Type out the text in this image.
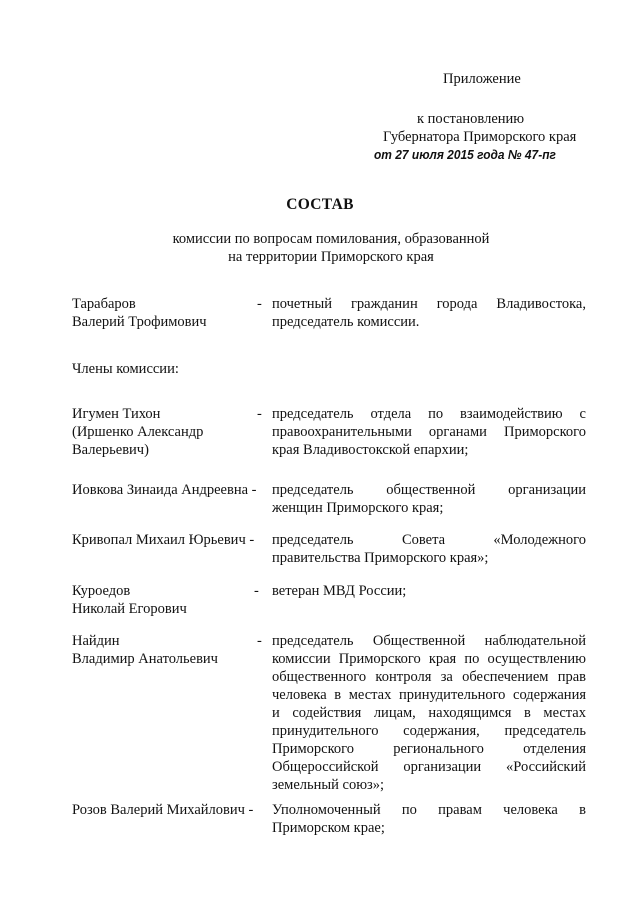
Приложение
к постановлению
Губернатора Приморского края
от 27 июля 2015 года № 47-пг
СОСТАВ
комиссии по вопросам помилования, образованной
на территории Приморского края
Тарабаров
Валерий Трофимович
- почетный гражданин города Владивостока,
председатель комиссии.
Члены комиссии:
Игумен Тихон
(Иршенко Александр
Валерьевич)
- председатель отдела по взаимодействию с
правоохранительными органами Приморского
края Владивостокской епархии;
Иовкова Зинаида Андреевна -	председатель общественной организации
женщин Приморского края;
Кривопал Михаил Юрьевич -	председатель Совета «Молодежного
правительства Приморского края»;
Куроедов
Николай Егорович
- ветеран МВД России;
Найдин
Владимир Анатольевич
- председатель Общественной наблюдательной
комиссии Приморского края по осуществлению
общественного контроля за обеспечением прав
человека в местах принудительного содержания
и содействия лицам, находящимся в местах
принудительного содержания, председатель
Приморского регионального отделения
Общероссийской организации «Российский
земельный союз»;
Розов Валерий Михайлович -	Уполномоченный по правам человека в
Приморском крае;
